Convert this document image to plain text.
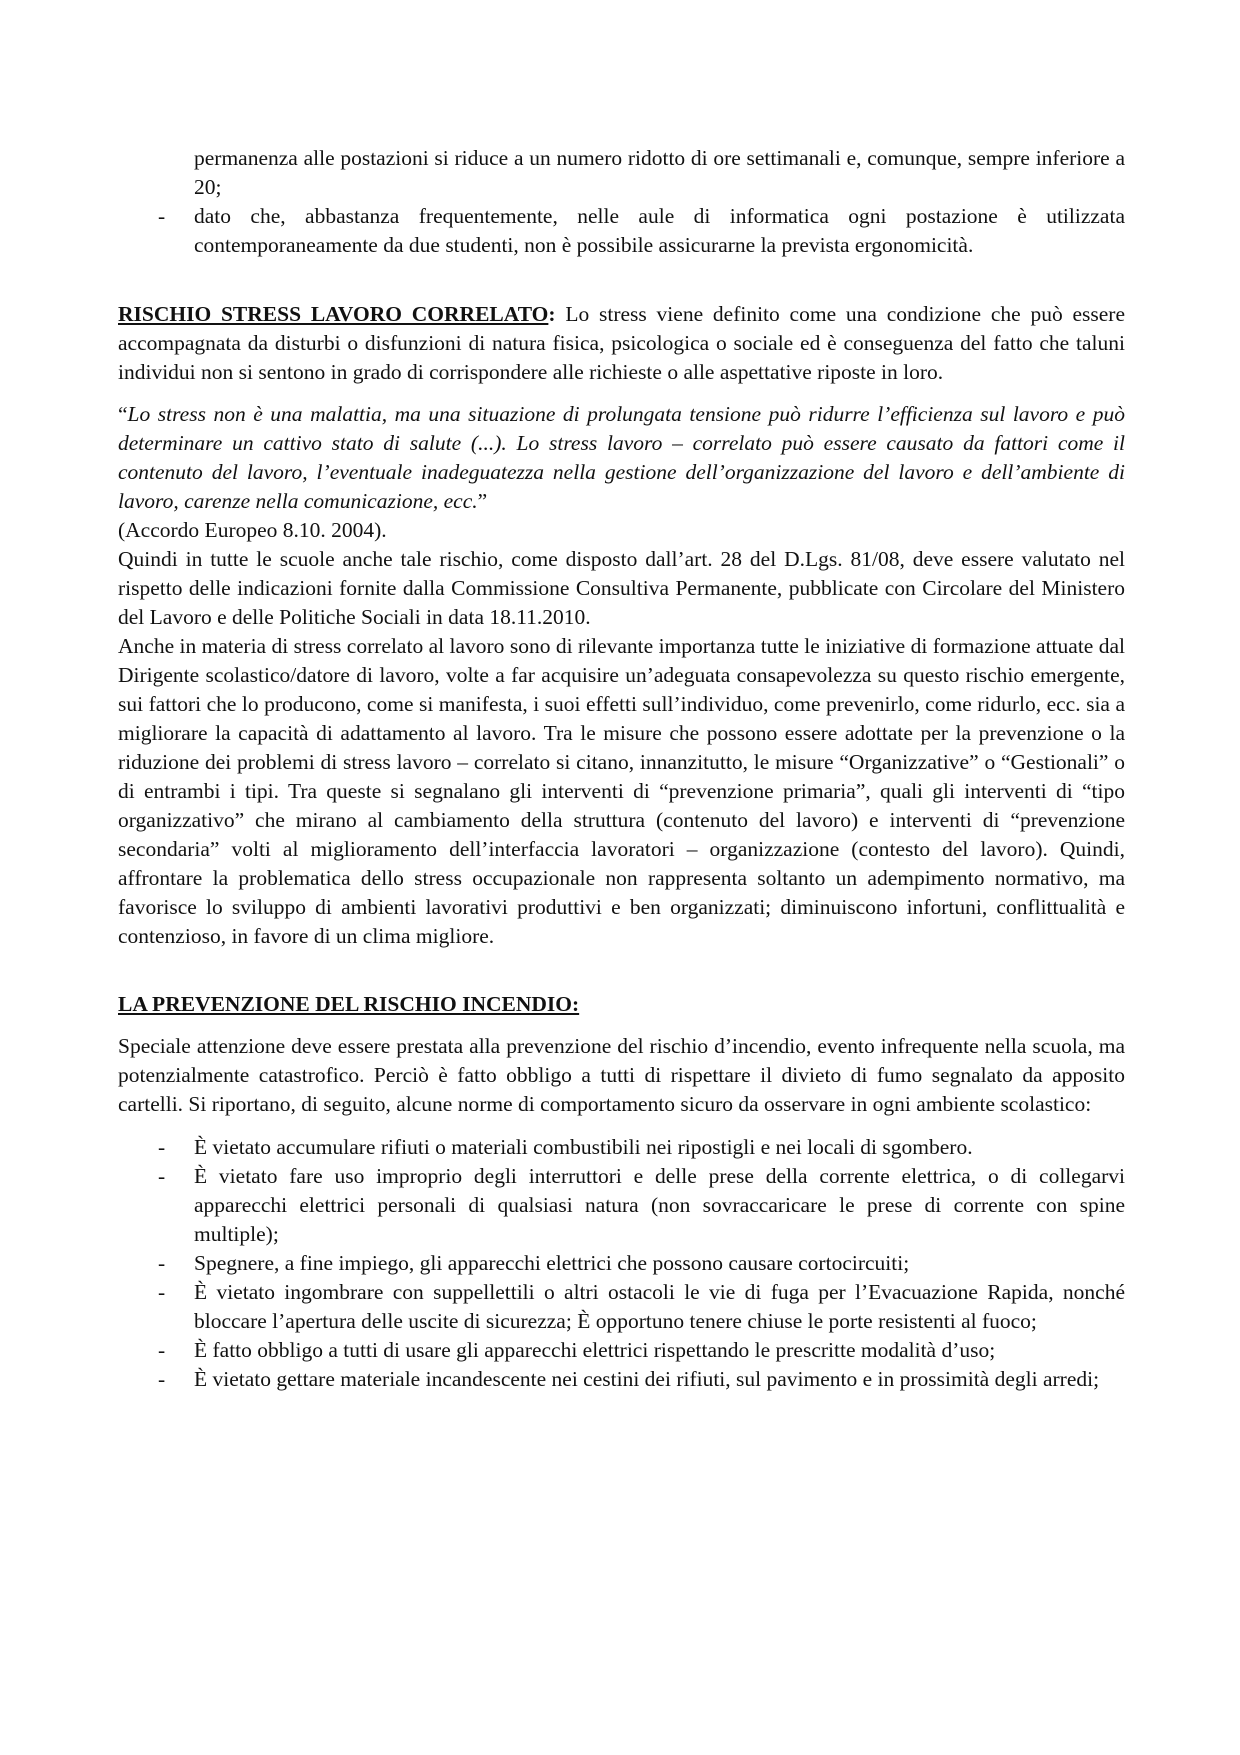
permanenza alle postazioni si riduce a un numero ridotto di ore settimanali e, comunque, sempre inferiore a 20;

- dato che, abbastanza frequentemente, nelle aule di informatica ogni postazione è utilizzata contemporaneamente da due studenti, non è possibile assicurarne la prevista ergonomicità.

RISCHIO STRESS LAVORO CORRELATO: Lo stress viene definito come una condizione che può essere accompagnata da disturbi o disfunzioni di natura fisica, psicologica o sociale ed è conseguenza del fatto che taluni individui non si sentono in grado di corrispondere alle richieste o alle aspettative riposte in loro.

“Lo stress non è una malattia, ma una situazione di prolungata tensione può ridurre l’efficienza sul lavoro e può determinare un cattivo stato di salute (...). Lo stress lavoro – correlato può essere causato da fattori come il contenuto del lavoro, l’eventuale inadeguatezza nella gestione dell’organizzazione del lavoro e dell’ambiente di lavoro, carenze nella comunicazione, ecc.”

(Accordo Europeo 8.10. 2004).

Quindi in tutte le scuole anche tale rischio, come disposto dall’art. 28 del D.Lgs. 81/08, deve essere valutato nel rispetto delle indicazioni fornite dalla Commissione Consultiva Permanente, pubblicate con Circolare del Ministero del Lavoro e delle Politiche Sociali in data 18.11.2010.

Anche in materia di stress correlato al lavoro sono di rilevante importanza tutte le iniziative di formazione attuate dal Dirigente scolastico/datore di lavoro, volte a far acquisire un’adeguata consapevolezza su questo rischio emergente, sui fattori che lo producono, come si manifesta, i suoi effetti sull’individuo, come prevenirlo, come ridurlo, ecc. sia a migliorare la capacità di adattamento al lavoro. Tra le misure che possono essere adottate per la prevenzione o la riduzione dei problemi di stress lavoro – correlato si citano, innanzitutto, le misure “Organizzative” o “Gestionali” o di entrambi i tipi. Tra queste si segnalano gli interventi di “prevenzione primaria”, quali gli interventi di “tipo organizzativo” che mirano al cambiamento della struttura (contenuto del lavoro) e interventi di “prevenzione secondaria” volti al miglioramento dell’interfaccia lavoratori – organizzazione (contesto del lavoro). Quindi, affrontare la problematica dello stress occupazionale non rappresenta soltanto un adempimento normativo, ma favorisce lo sviluppo di ambienti lavorativi produttivi e ben organizzati; diminuiscono infortuni, conflittualità e contenzioso, in favore di un clima migliore.

LA PREVENZIONE DEL RISCHIO INCENDIO:

Speciale attenzione deve essere prestata alla prevenzione del rischio d’incendio, evento infrequente nella scuola, ma potenzialmente catastrofico. Perciò è fatto obbligo a tutti di rispettare il divieto di fumo segnalato da apposito cartelli. Si riportano, di seguito, alcune norme di comportamento sicuro da osservare in ogni ambiente scolastico:

- È vietato accumulare rifiuti o materiali combustibili nei ripostigli e nei locali di sgombero.
- È vietato fare uso improprio degli interruttori e delle prese della corrente elettrica, o di collegarvi apparecchi elettrici personali di qualsiasi natura (non sovraccaricare le prese di corrente con spine multiple);
- Spegnere, a fine impiego, gli apparecchi elettrici che possono causare cortocircuiti;
- È vietato ingombrare con suppellettili o altri ostacoli le vie di fuga per l’Evacuazione Rapida, nonché bloccare l’apertura delle uscite di sicurezza; È opportuno tenere chiuse le porte resistenti al fuoco;
- È fatto obbligo a tutti di usare gli apparecchi elettrici rispettando le prescritte modalità d’uso;
- È vietato gettare materiale incandescente nei cestini dei rifiuti, sul pavimento e in prossimità degli arredi;
